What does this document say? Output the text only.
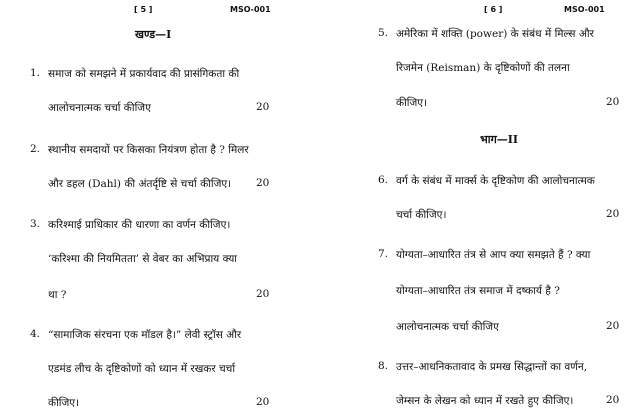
[ 5 ]	MSO-001
खण्ड—I
1. समाज को समझने में प्रकार्यवाद की प्रासंगिकता की
आलोचनात्मक चर्चा कीजिए	20
2. स्थानीय समदायों पर किसका नियंत्रण होता है ? मिलर
और डहल (Dahl) की अंतर्दृष्टि से चर्चा कीजिए। 20
3. करिश्माई प्राधिकार की धारणा का वर्णन कीजिए।
‘करिश्मा की नियमितता’ से वेबर का अभिप्राय क्या
था ?	20
4. “सामाजिक संरचना एक मॉडल है।” लेवी स्ट्रॉस और
एडमंड लीच के दृष्टिकोणों को ध्यान में रखकर चर्चा
कीजिए।	20
[ 6 ]	MSO-001
भाग—II
5. अमेरिका में शक्ति (power) के संबंध में मिल्स और
रिजमेन (Reisman) के दृष्टिकोणों की तलना
कीजिए।	20
6. वर्ग के संबंध में मार्क्स के दृष्टिकोण की आलोचनात्मक
चर्चा कीजिए।	20
7. योग्यता–आधारित तंत्र से आप क्या समझते हैं ? क्या
योग्यता–आधारित तंत्र समाज में दष्कार्य है ?
आलोचनात्मक चर्चा कीजिए	20
8. उत्तर–आधनिकतावाद के प्रमख सिद्धान्तों का वर्णन,
जेम्सन के लेखन को ध्यान में रखते हुए कीजिए।	20
